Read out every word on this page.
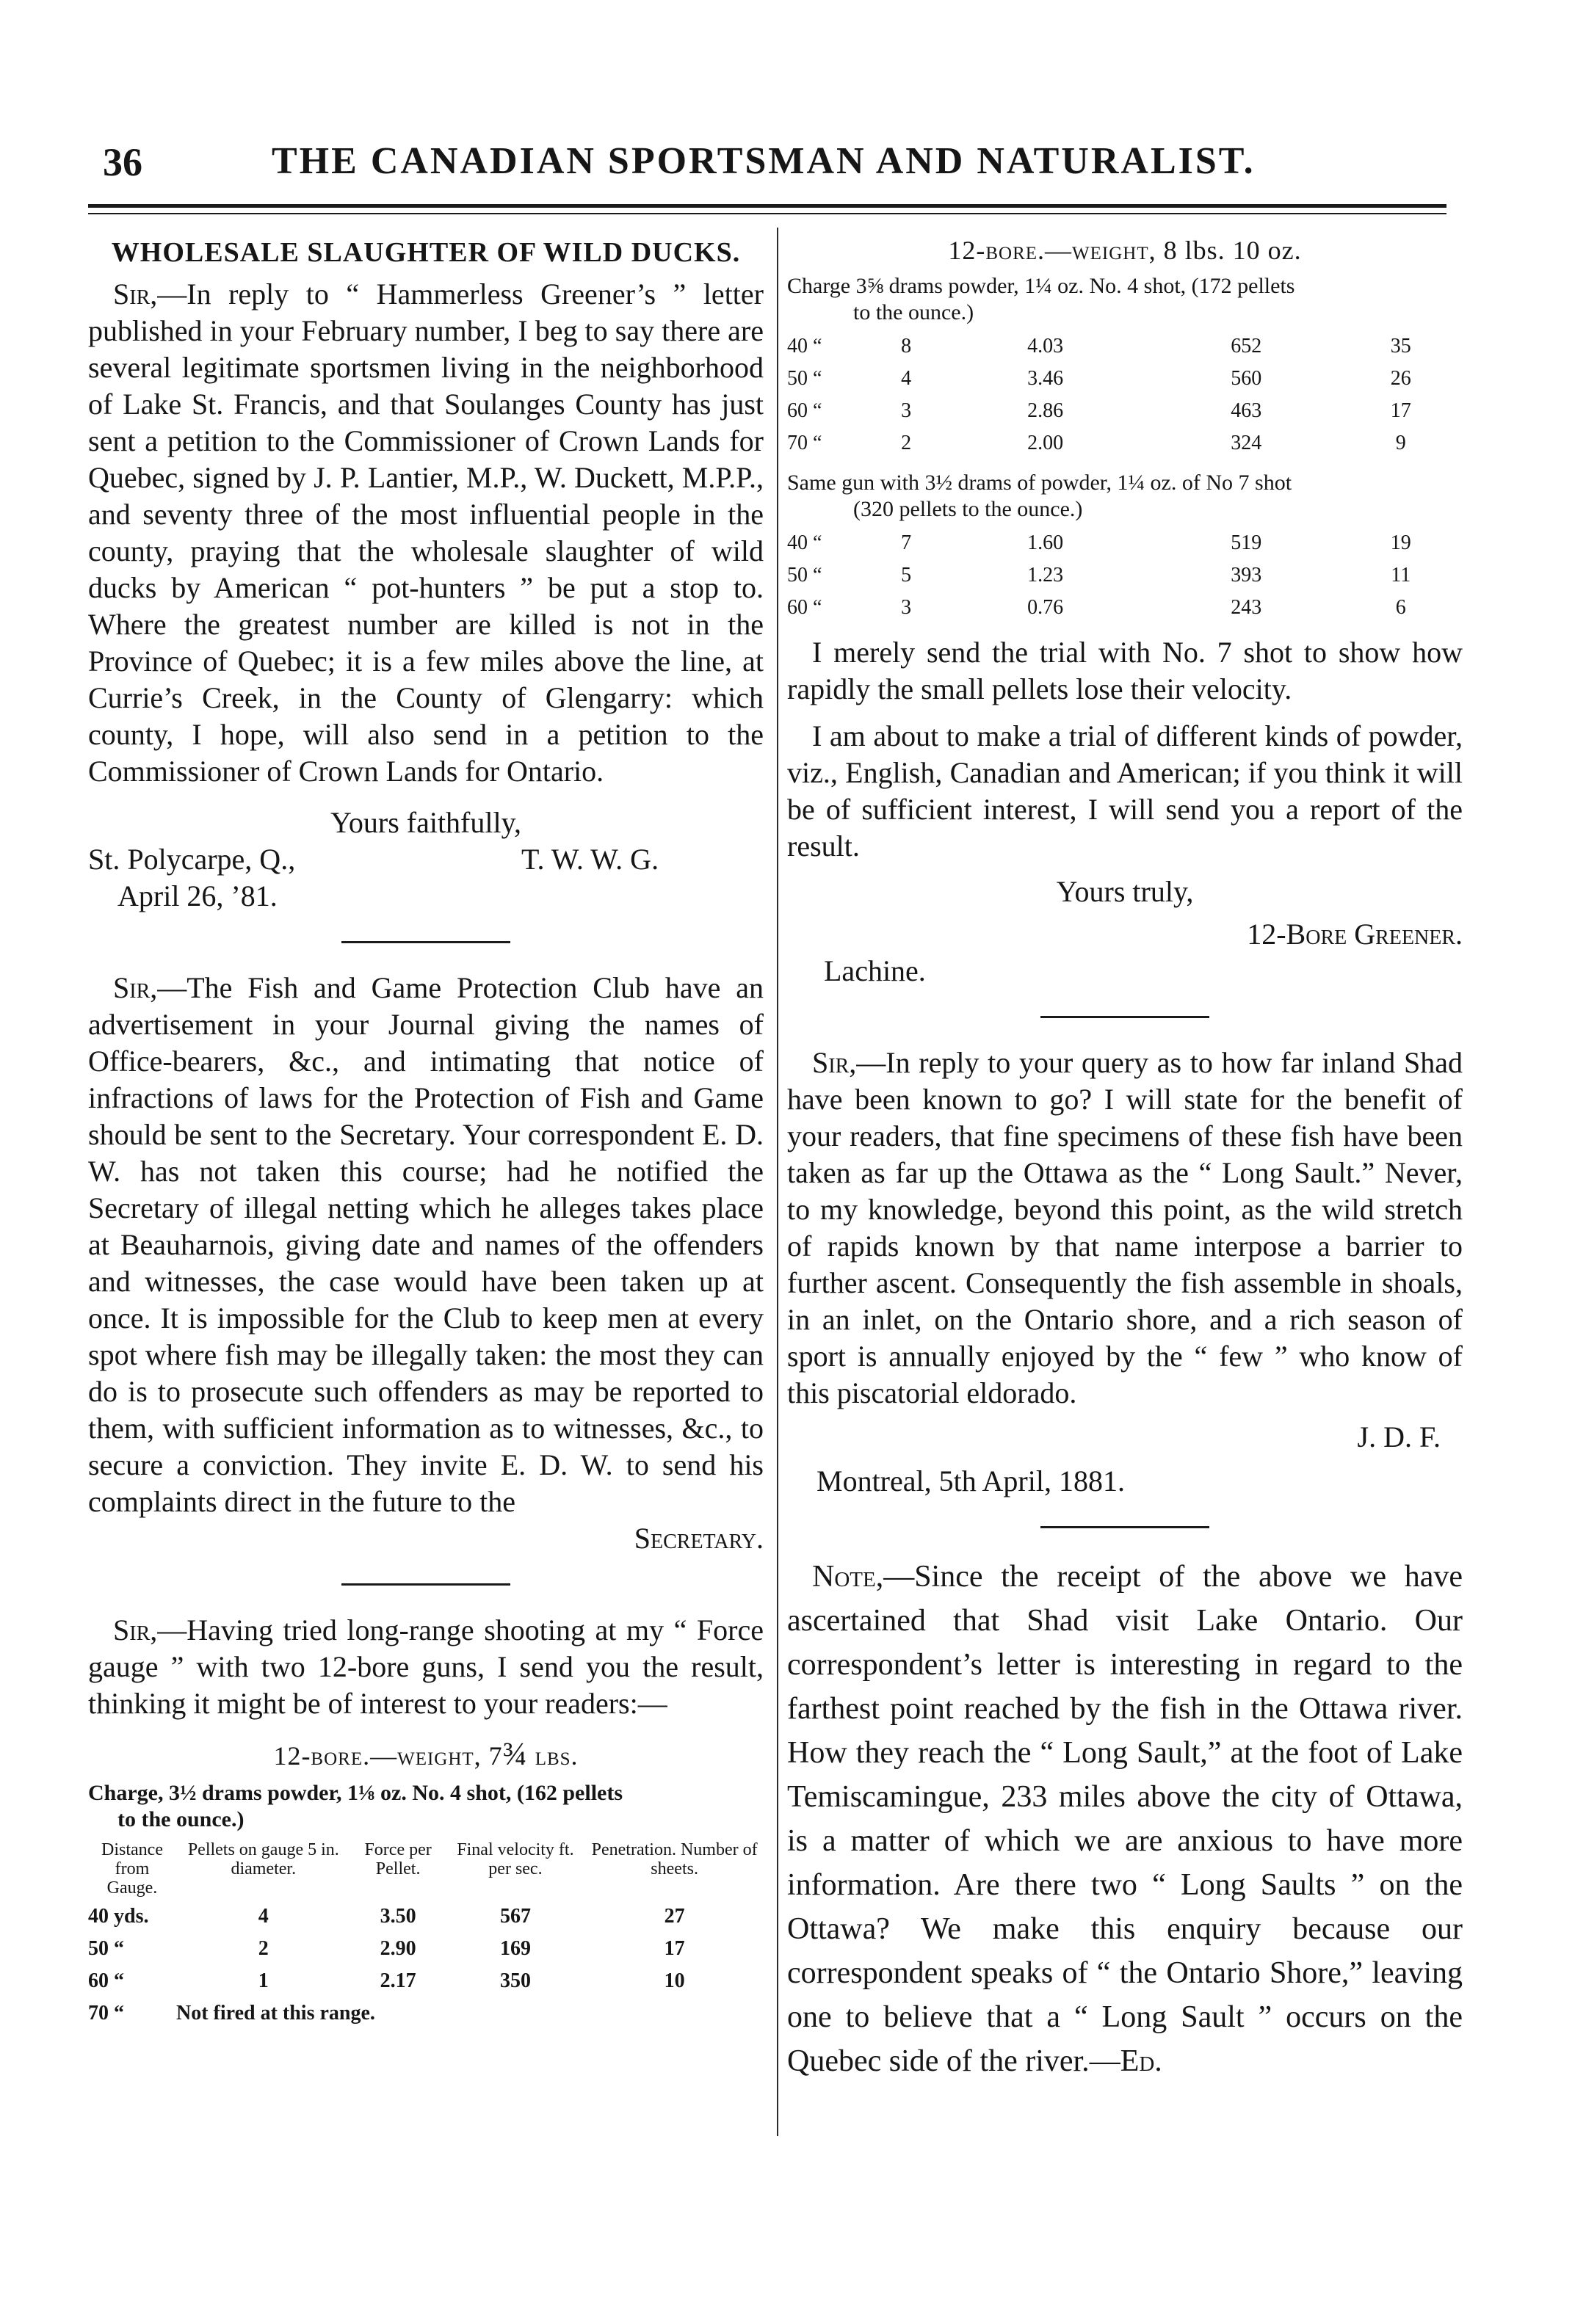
36	THE CANADIAN SPORTSMAN AND NATURALIST.
WHOLESALE SLAUGHTER OF WILD DUCKS.

Sir,—In reply to “ Hammerless Greener’s ” letter published in your February number, I beg to say there are several legitimate sportsmen living in the neighborhood of Lake St. Francis, and that Soulanges County has just sent a petition to the Commissioner of Crown Lands for Quebec, signed by J. P. Lantier, M.P., W. Duckett, M.P.P., and seventy three of the most influential people in the county, praying that the wholesale slaughter of wild ducks by American “ pot-hunters ” be put a stop to. Where the greatest number are killed is not in the Province of Quebec; it is a few miles above the line, at Currie’s Creek, in the County of Glengarry: which county, I hope, will also send in a petition to the Commissioner of Crown Lands for Ontario.

Yours faithfully,

St. Polycarpe, Q.,
April 26, ’81.
T. W. W. G.

Sir,—The Fish and Game Protection Club have an advertisement in your Journal giving the names of Office-bearers, &c., and intimating that notice of infractions of laws for the Protection of Fish and Game should be sent to the Secretary. Your correspondent E. D. W. has not taken this course; had he notified the Secretary of illegal netting which he alleges takes place at Beauharnois, giving date and names of the offenders and witnesses, the case would have been taken up at once. It is impossible for the Club to keep men at every spot where fish may be illegally taken: the most they can do is to prosecute such offenders as may be reported to them, with sufficient information as to witnesses, &c., to secure a conviction. They invite E. D. W. to send his complaints direct in the future to the

Secretary.

Sir,—Having tried long-range shooting at my “ Force gauge ” with two 12-bore guns, I send you the result, thinking it might be of interest to your readers:—

12-bore.—weight, 7¾ lbs.
Charge, 3½ drams powder, 1⅛ oz. No. 4 shot, (162 pellets
to the ounce.)
Distance from Gauge.	Pellets on gauge 5 in. diameter.	Force per Pellet.	Final velocity ft. per sec.	Penetration. Number of sheets.
40 yds.	4	3.50	567	27
50 “	2	2.90	169	17
60 “	1	2.17	350	10
70 “	Not fired at this range.			
12-bore.—weight, 8 lbs. 10 oz.
Charge 3⅝ drams powder, 1¼ oz. No. 4 shot, (172 pellets
to the ounce.)
40 “	8	4.03	652	35
50 “	4	3.46	560	26
60 “	3	2.86	463	17
70 “	2	2.00	324	9
Same gun with 3½ drams of powder, 1¼ oz. of No 7 shot
(320 pellets to the ounce.)
40 “	7	1.60	519	19
50 “	5	1.23	393	11
60 “	3	0.76	243	6

I merely send the trial with No. 7 shot to show how rapidly the small pellets lose their velocity.

I am about to make a trial of different kinds of powder, viz., English, Canadian and American; if you think it will be of sufficient interest, I will send you a report of the result.

Yours truly,

12-Bore Greener.

Lachine.

Sir,—In reply to your query as to how far inland Shad have been known to go? I will state for the benefit of your readers, that fine specimens of these fish have been taken as far up the Ottawa as the “ Long Sault.” Never, to my knowledge, beyond this point, as the wild stretch of rapids known by that name interpose a barrier to further ascent. Consequently the fish assemble in shoals, in an inlet, on the Ontario shore, and a rich season of sport is annually enjoyed by the “ few ” who know of this piscatorial eldorado.

J. D. F.

Montreal, 5th April, 1881.

Note,—Since the receipt of the above we have ascertained that Shad visit Lake Ontario. Our correspondent’s letter is interesting in regard to the farthest point reached by the fish in the Ottawa river. How they reach the “ Long Sault,” at the foot of Lake Temiscamingue, 233 miles above the city of Ottawa, is a matter of which we are anxious to have more information. Are there two “ Long Saults ” on the Ottawa? We make this enquiry because our correspondent speaks of “ the Ontario Shore,” leaving one to believe that a “ Long Sault ” occurs on the Quebec side of the river.—Ed.
